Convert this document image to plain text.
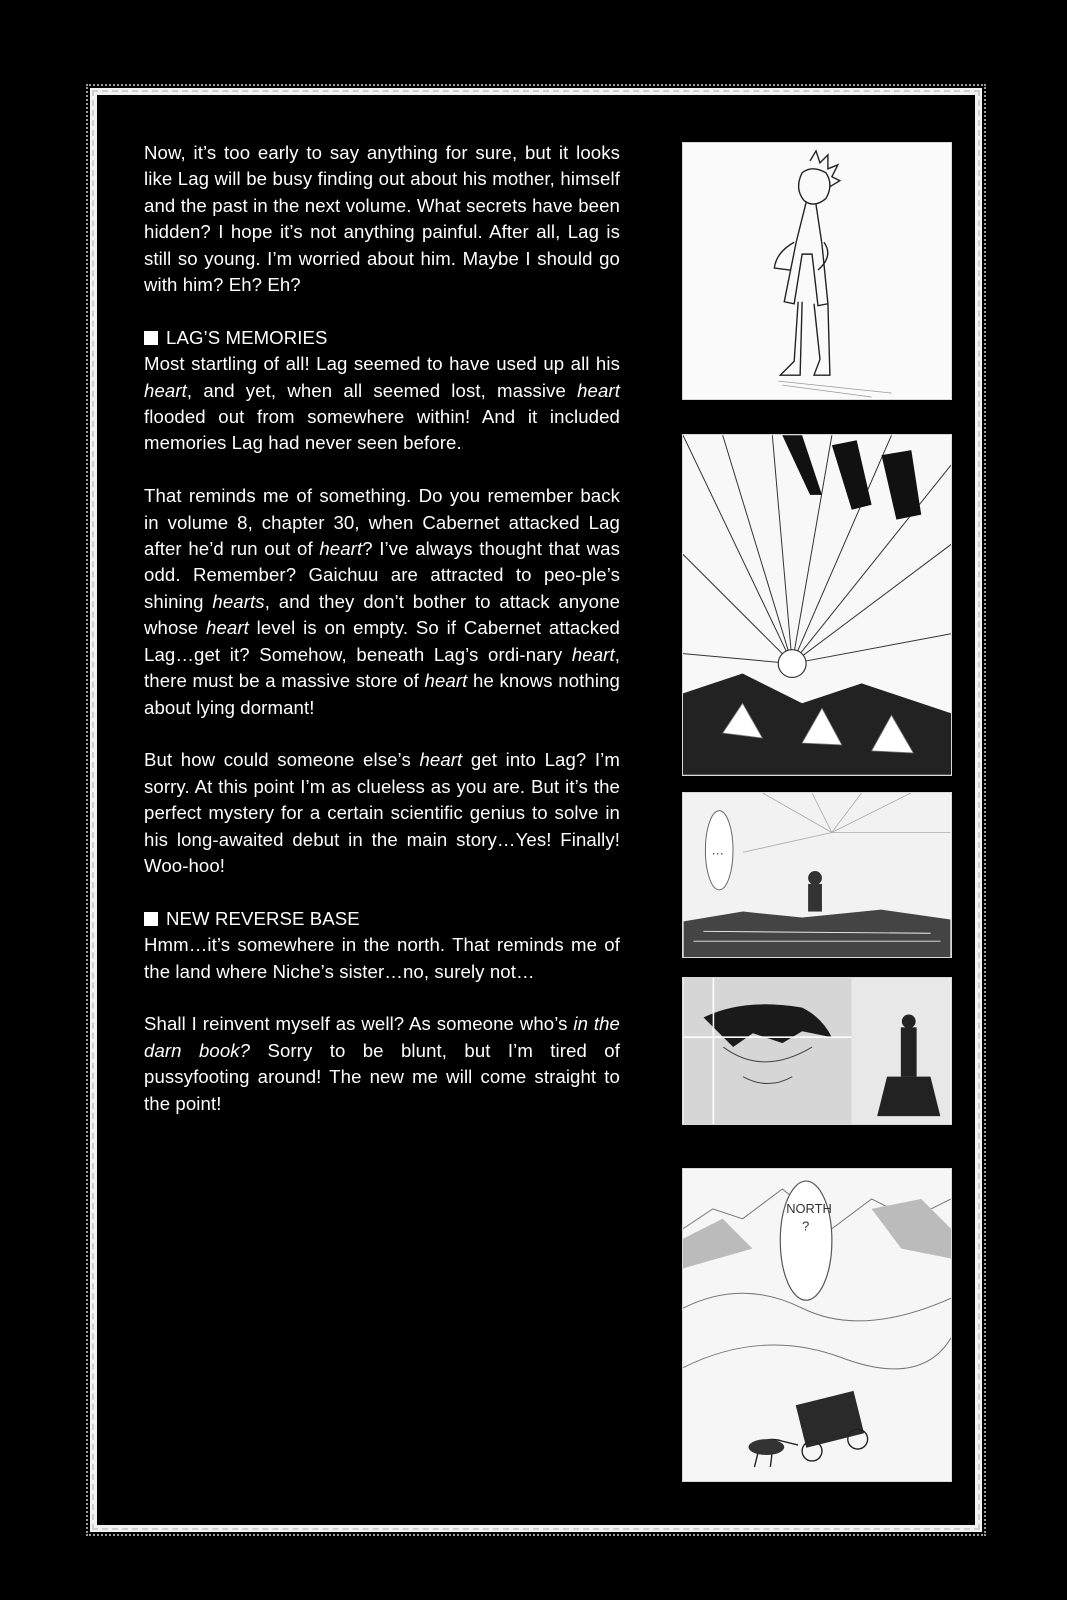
Now, it’s too early to say anything for sure, but it looks like Lag will be busy finding out about his mother, himself and the past in the next volume. What secrets have been hidden? I hope it’s not anything painful. After all, Lag is still so young. I’m worried about him. Maybe I should go with him? Eh? Eh?

LAG’S MEMORIES

Most startling of all! Lag seemed to have used up all his heart, and yet, when all seemed lost, massive heart flooded out from somewhere within! And it included memories Lag had never seen before.

That reminds me of something. Do you remember back in volume 8, chapter 30, when Cabernet attacked Lag after he’d run out of heart? I’ve always thought that was odd. Remember? Gaichuu are attracted to peo-ple’s shining hearts, and they don’t bother to attack anyone whose heart level is on empty. So if Cabernet attacked Lag…get it? Somehow, beneath Lag’s ordi-nary heart, there must be a massive store of heart he knows nothing about lying dormant!

But how could someone else’s heart get into Lag? I’m sorry. At this point I’m as clueless as you are. But it’s the perfect mystery for a certain scientific genius to solve in his long-awaited debut in the main story…Yes! Finally! Woo-hoo!

NEW REVERSE BASE

Hmm…it’s somewhere in the north. That reminds me of the land where Niche’s sister…no, surely not…

Shall I reinvent myself as well? As someone who’s in the darn book? Sorry to be blunt, but I’m tired of pussyfooting around! The new me will come straight to the point!

…
NORTH
?
